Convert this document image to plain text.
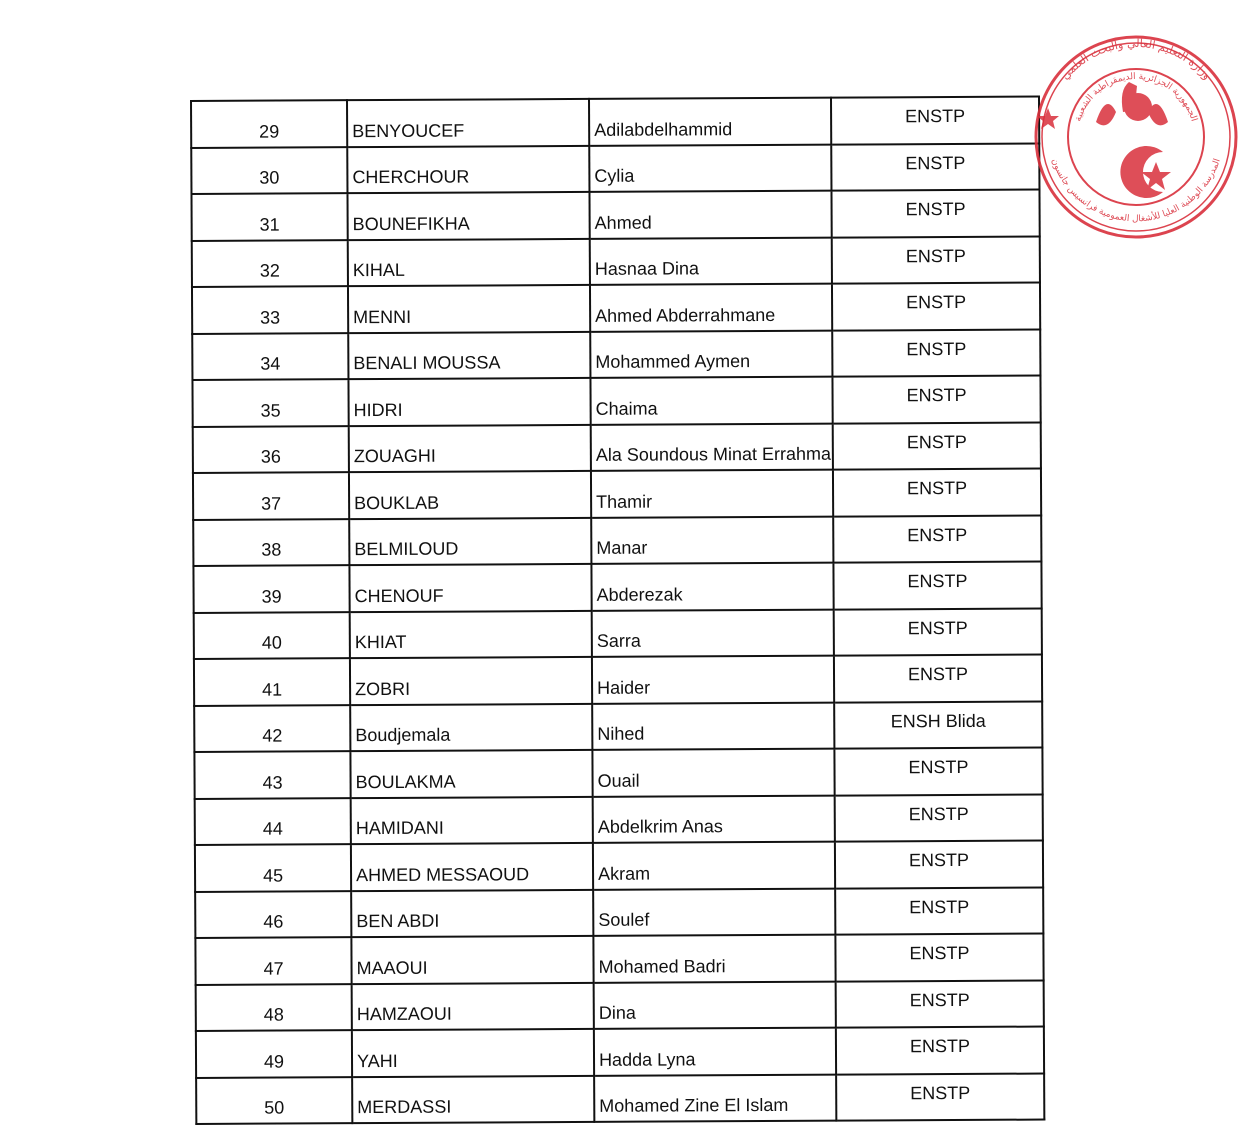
29	BENYOUCEF	Adilabdelhammid	ENSTP
30	CHERCHOUR	Cylia	ENSTP
31	BOUNEFIKHA	Ahmed	ENSTP
32	KIHAL	Hasnaa Dina	ENSTP
33	MENNI	Ahmed Abderrahmane	ENSTP
34	BENALI MOUSSA	Mohammed Aymen	ENSTP
35	HIDRI	Chaima	ENSTP
36	ZOUAGHI	Ala Soundous Minat Errahma	ENSTP
37	BOUKLAB	Thamir	ENSTP
38	BELMILOUD	Manar	ENSTP
39	CHENOUF	Abderezak	ENSTP
40	KHIAT	Sarra	ENSTP
41	ZOBRI	Haider	ENSTP
42	Boudjemala	Nihed	ENSH Blida
43	BOULAKMA	Ouail	ENSTP
44	HAMIDANI	Abdelkrim Anas	ENSTP
45	AHMED MESSAOUD	Akram	ENSTP
46	BEN ABDI	Soulef	ENSTP
47	MAAOUI	Mohamed Badri	ENSTP
48	HAMZAOUI	Dina	ENSTP
49	YAHI	Hadda Lyna	ENSTP
50	MERDASSI	Mohamed Zine El Islam	ENSTP
وزارة التعليم العالي والبحث العلمي
الجمهورية الجزائرية الديمقراطية الشعبية
المدرسة الوطنية العليا للأشغال العمومية فرانسيس جانسون
